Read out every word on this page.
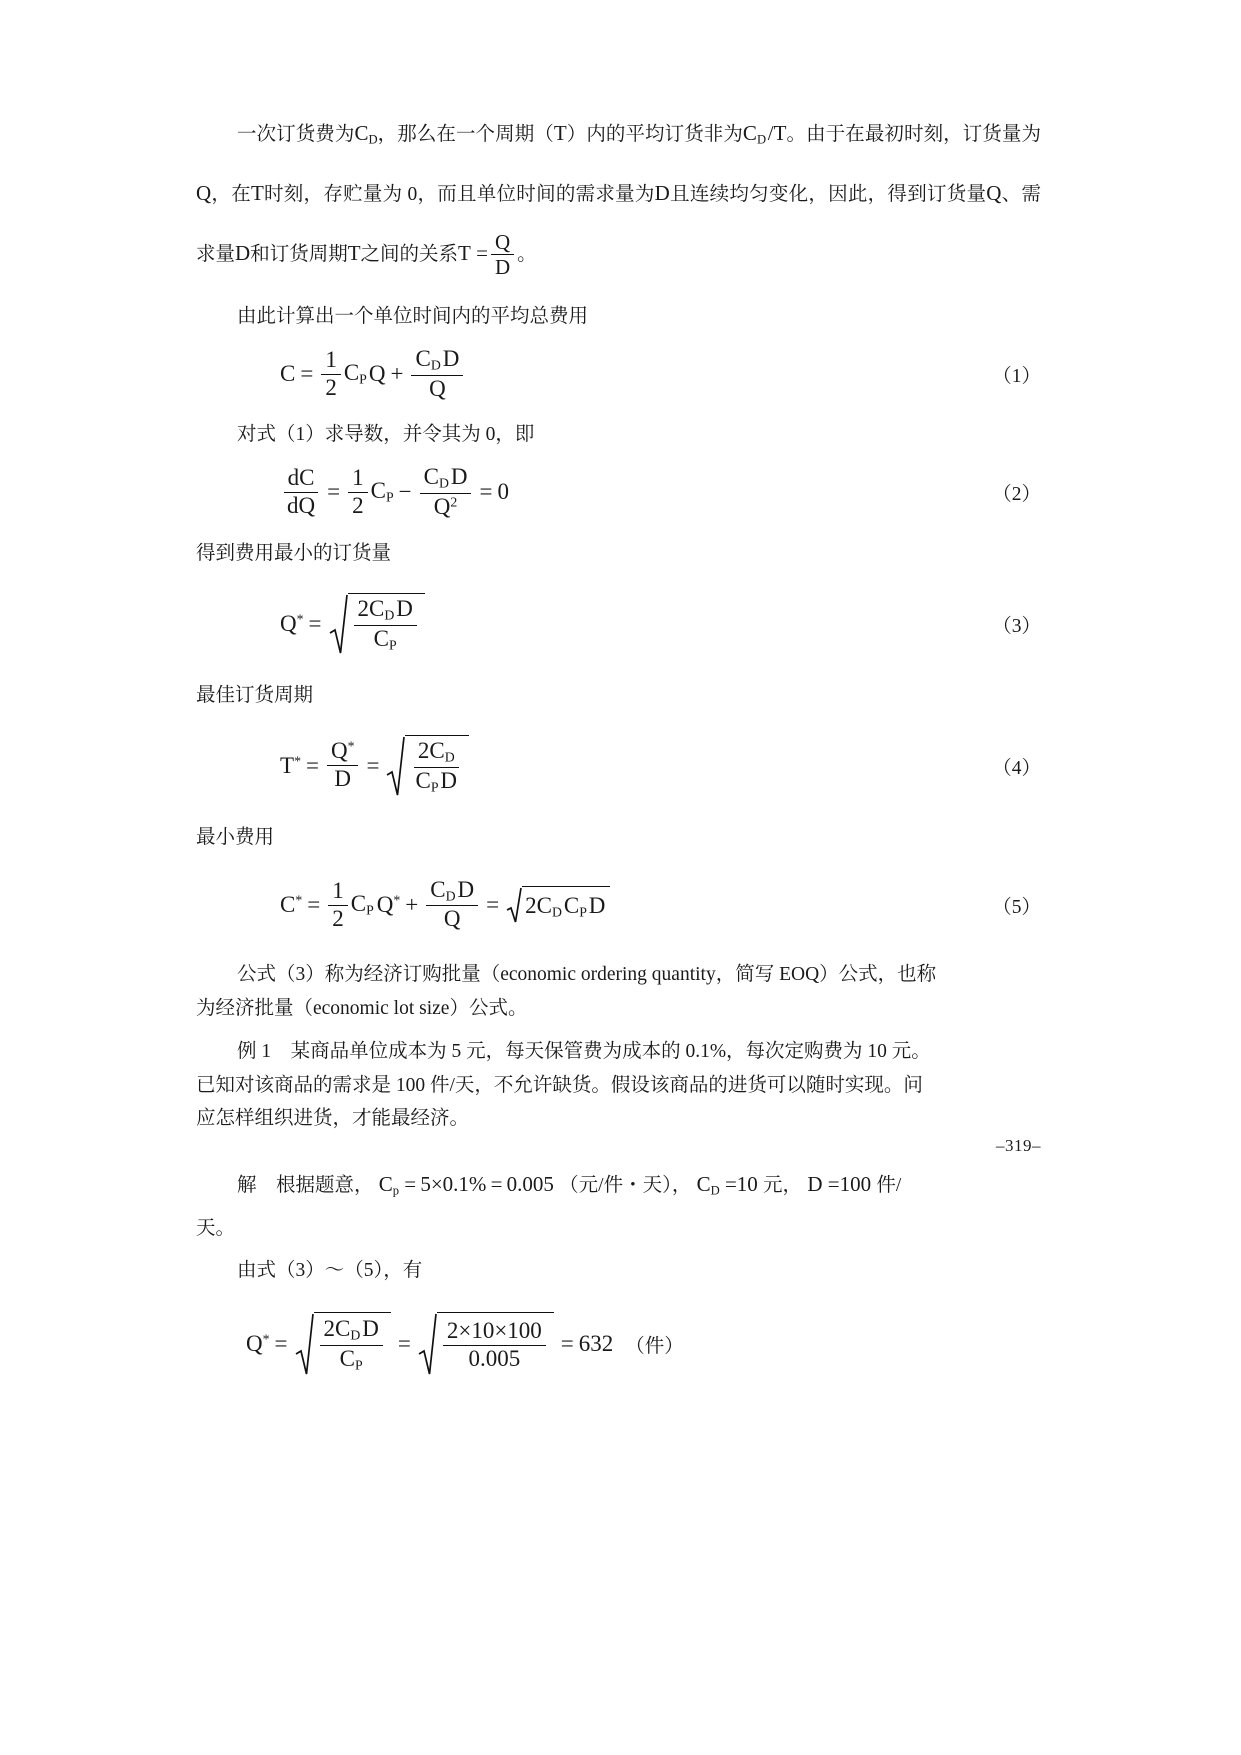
一次订货费为$C_D$，那么在一个周期（T）内的平均订货非为$C_D$ /T。由于在最初时刻，订货量为Q，在T时刻，存贮量为 0，而且单位时间的需求量为D且连续均匀变化，因此，得到订货量Q、需求量D和订货周期T之间的关系$T = \frac{Q}{D}$ 。
由此计算出一个单位时间内的平均总费用
$C = \frac{1}{2} C_P$ $Q + \frac{C_D D}{Q}$	（1）
对式（1）求导数，并令其为 0，即
$\frac{dC}{dQ} = \frac{1}{2} C_P - \frac{C_D D}{Q^2} = 0$	（2）
得到费用最小的订货量
$Q^* = \frac{2C_D D}{C_P}$	（3）
最佳订货周期
$T^* = \frac{Q^*}{D} = \frac{2C_D}{C_P D}$	（4）
最小费用
$C^* = \frac{1}{2} C_P$ $Q^* + \frac{C_D D}{Q} = 2C_D$ $C_P$ D	（5）
公式（3）称为经济订购批量（economic ordering quantity，简写 EOQ）公式，也称
为经济批量（economic lot size）公式。
例 1　某商品单位成本为 5 元，每天保管费为成本的 0.1%，每次定购费为 10 元。
已知对该商品的需求是 100 件/天，不允许缺货。假设该商品的进货可以随时实现。问
应怎样组织进货，才能最经济。
解　根据题意， $C_p = 5\times 0.1\% = 0.005$ （元/件・天）， $C_D =10$ 元， D =100 件/
天。
由式（3）～（5），有
$Q^* = \frac{2C_D D}{C_P} = \frac{2\times 10\times 100}{0.005} = 632$ （件）
–319–
